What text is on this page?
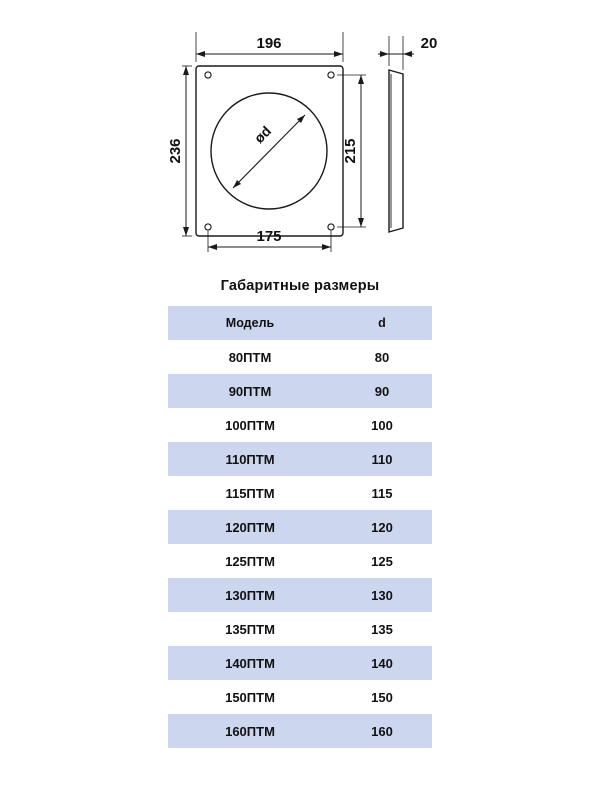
ød
196
236	215
175
20
Габаритные размеры
Модель	d
80ПТМ	80
90ПТМ	90
100ПТМ	100
110ПТМ	110
115ПТМ	115
120ПТМ	120
125ПТМ	125
130ПТМ	130
135ПТМ	135
140ПТМ	140
150ПТМ	150
160ПТМ	160
